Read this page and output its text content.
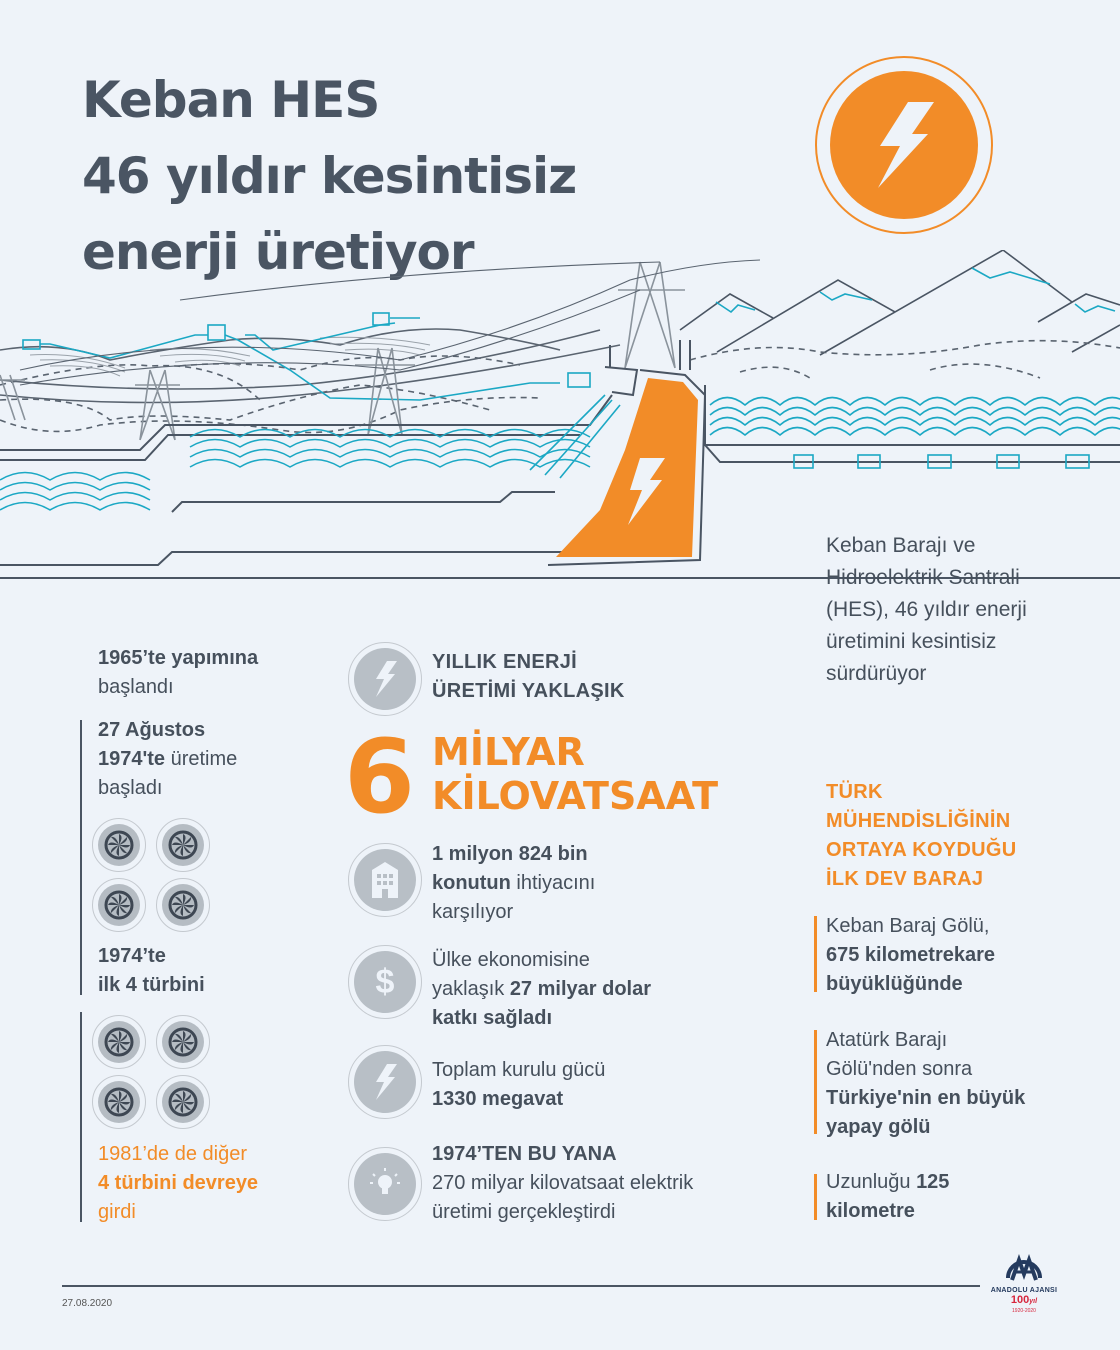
Keban HES
46 yıldır kesintisiz
enerji üretiyor
Keban Barajı ve
Hidroelektrik Santrali
(HES), 46 yıldır enerji
üretimini kesintisiz
sürdürüyor
1965’te yapımına
başlandı
27 Ağustos
1974'te üretime
başladı
1974’te
ilk 4 türbini
1981’de de diğer
4 türbini devreye
girdi
YILLIK ENERJİ
ÜRETİMİ YAKLAŞIK
6 MİLYAR
KİLOVATSAAT
1 milyon 824 bin
konutun ihtiyacını
karşılıyor
$
Ülke ekonomisine
yaklaşık 27 milyar dolar
katkı sağladı
Toplam kurulu gücü
1330 megavat
1974’TEN BU YANA
270 milyar kilovatsaat elektrik
üretimi gerçekleştirdi
TÜRK
MÜHENDİSLİĞİNİN
ORTAYA KOYDUĞU
İLK DEV BARAJ
Keban Baraj Gölü,
675 kilometrekare
büyüklüğünde
Atatürk Barajı
Gölü'nden sonra
Türkiye'nin en büyük
yapay gölü
Uzunluğu 125
kilometre
27.08.2020
ANADOLU AJANSI
100yıl
1920-2020
